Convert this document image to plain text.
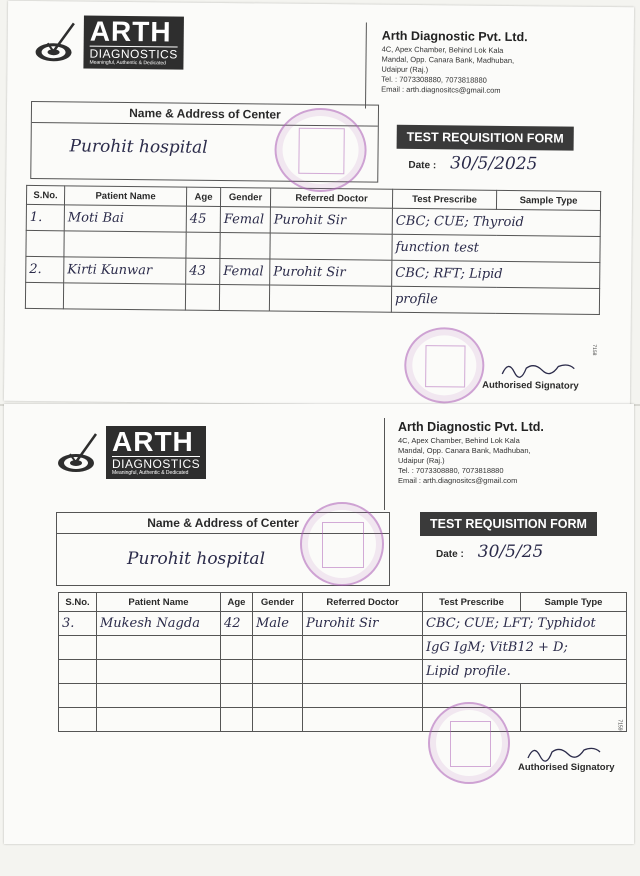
ARTH
DIAGNOSTICS
Meaningful, Authentic & Dedicated
Arth Diagnostic Pvt. Ltd.
4C, Apex Chamber, Behind Lok Kala
Mandal, Opp. Canara Bank, Madhuban,
Udaipur (Raj.)
Tel. : 7073308880, 7073818880
Email : arth.diagnositcs@gmail.com
Name & Address of Center
Purohit hospital	TEST REQUISITION FORM
Date : 30/5/2025
S.No.	Patient Name	Age	Gender	Referred Doctor	Test Prescribe	Sample Type
1.	Moti Bai	45	Femal	Purohit Sir	CBC; CUE; Thyroid	
					function test	
2.	Kirti Kunwar	43	Femal	Purohit Sir	CBC; RFT; Lipid	
					profile	
Authorised Signatory
7158
ARTH
DIAGNOSTICS
Meaningful, Authentic & Dedicated
Arth Diagnostic Pvt. Ltd.
4C, Apex Chamber, Behind Lok Kala
Mandal, Opp. Canara Bank, Madhuban,
Udaipur (Raj.)
Tel. : 7073308880, 7073818880
Email : arth.diagnositcs@gmail.com
Name & Address of Center
Purohit hospital
TEST REQUISITION FORM
Date : 30/5/25
S.No.	Patient Name	Age	Gender	Referred Doctor	Test Prescribe	Sample Type
3.	Mukesh Nagda	42	Male	Purohit Sir	CBC; CUE; LFT; Typhidot	
					IgG IgM; VitB12 + D;	
					Lipid profile.	

Authorised Signatory
7159
